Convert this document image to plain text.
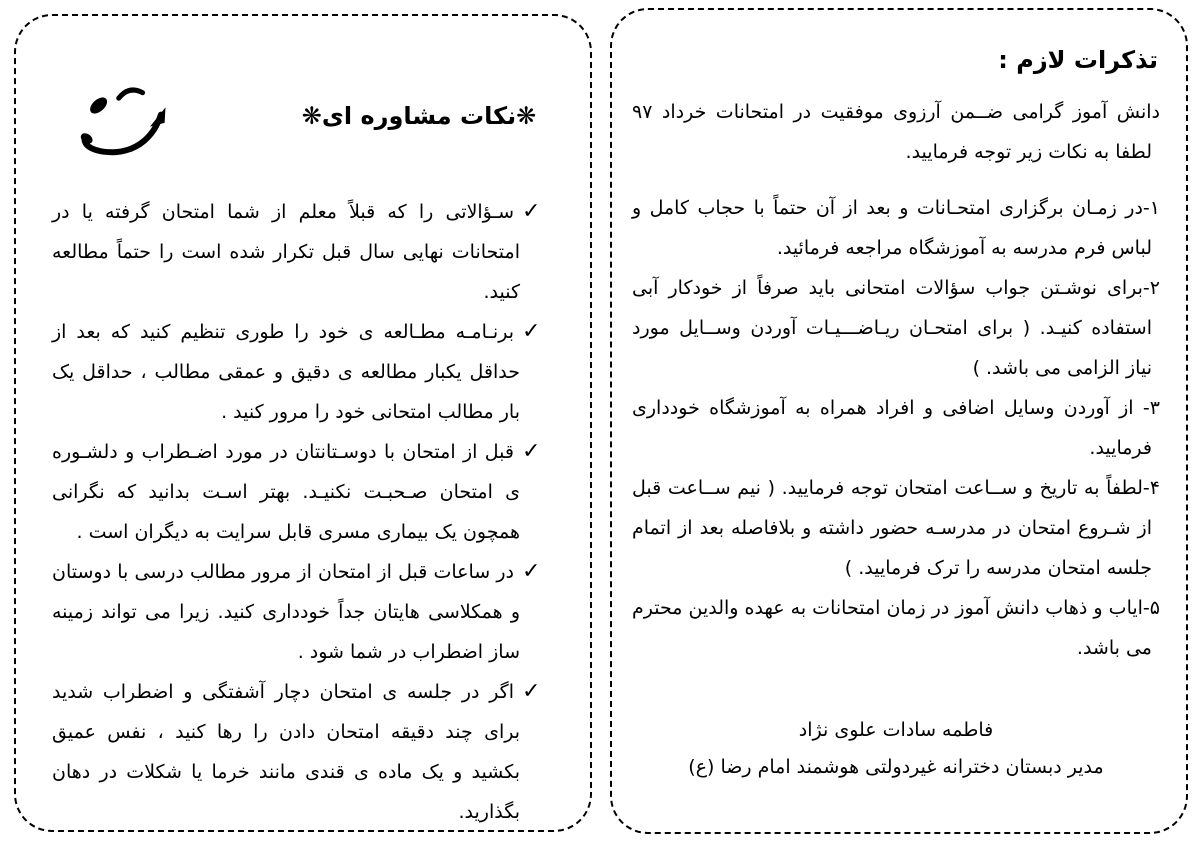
❋نکات مشاوره ای❋

✓
سـؤالاتی را که قبلاً معلم از شما امتحان گرفته یا در امتحانات نهایی سال قبل تکرار شده است را حتماً مطالعه کنید.

✓
برنـامـه مطـالعه ی خود را طوری تنظیم کنید که بعد از حداقل یکبار مطالعه ی دقیق و عمقی مطالب ، حداقل یک بار مطالب امتحانی خود را مرور کنید .

✓
قبل از امتحان با دوسـتانتان در مورد اضـطراب و دلشـوره ی امتحان صـحبـت نکنیـد. بهتر اسـت بدانید که نگرانی همچون یک بیماری مسری قابل سرایت به دیگران است .

✓
در ساعات قبل از امتحان از مرور مطالب درسی با دوستان و همکلاسی هایتان جداً خودداری کنید. زیرا می تواند زمینه ساز اضطراب در شما شود .

✓
اگر در جلسه ی امتحان دچار آشفتگی و اضطراب شدید برای چند دقیقه امتحان دادن را رها کنید ، نفس عمیق بکشید و یک ماده ی قندی مانند خرما یا شکلات در دهان بگذارید.

تذکرات لازم :

دانش آموز گرامی ضــمن آرزوی موفقیت در امتحانات خرداد ۹۷ لطفا به نکات زیر توجه فرمایید.

۱-در زمـان برگزاری امتحـانات و بعد از آن حتماً با حجاب کامل و لباس فرم مدرسه به آموزشگاه مراجعه فرمائید.

۲-برای نوشـتن جواب سؤالات امتحانی باید صرفاً از خودکار آبی استفاده کنیـد. ( برای امتحـان ریـاضـــیـات آوردن وســایل مورد نیاز الزامی می باشد. )

۳- از آوردن وسایل اضافی و افراد همراه به آموزشگاه خودداری فرمایید.

۴-لطفاً به تاریخ و ســاعت امتحان توجه فرمایید. ( نیم ســاعت قبل از شـروع امتحان در مدرسـه حضور داشته و بلافاصله بعد از اتمام جلسه امتحان مدرسه را ترک فرمایید. )

۵-ایاب و ذهاب دانش آموز در زمان امتحانات به عهده والدین محترم می باشد.

فاطمه سادات علوی نژاد
مدیر دبستان دخترانه غیردولتی هوشمند امام رضا (ع)
